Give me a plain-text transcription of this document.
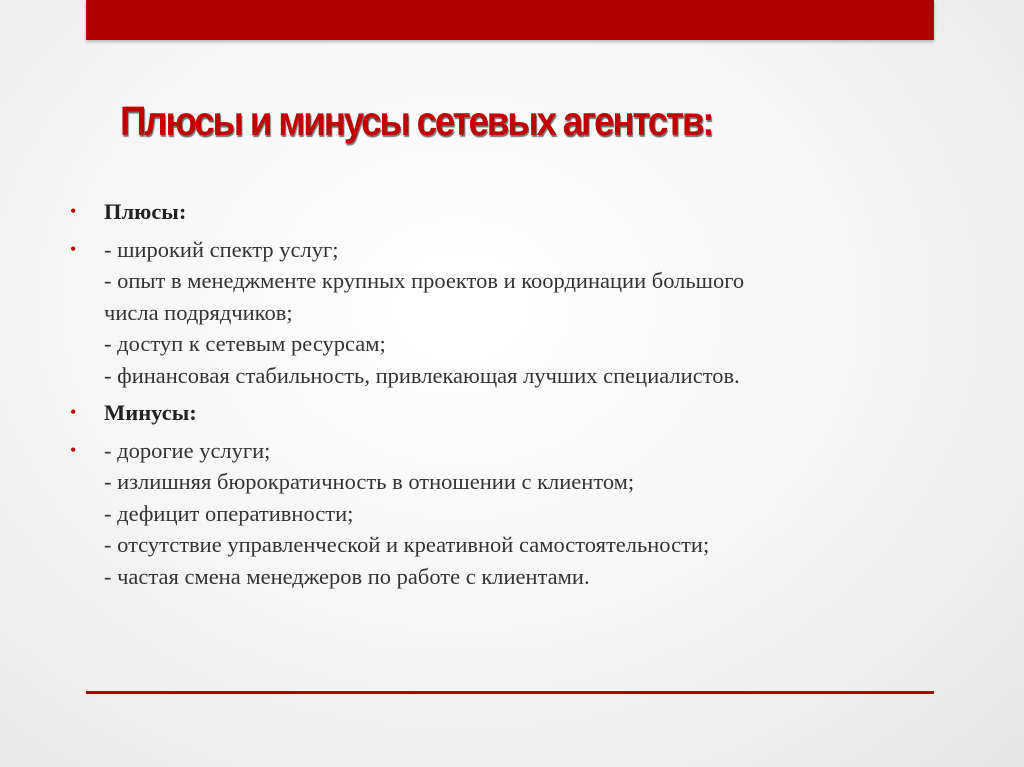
Плюсы и минусы сетевых агентств:
• Плюсы:
• - широкий спектр услуг;
- опыт в менеджменте крупных проектов и координации большого
числа подрядчиков;
- доступ к сетевым ресурсам;
- финансовая стабильность, привлекающая лучших специалистов.
• Минусы:
• - дорогие услуги;
- излишняя бюрократичность в отношении с клиентом;
- дефицит оперативности;
- отсутствие управленческой и креативной самостоятельности;
- частая смена менеджеров по работе с клиентами.
